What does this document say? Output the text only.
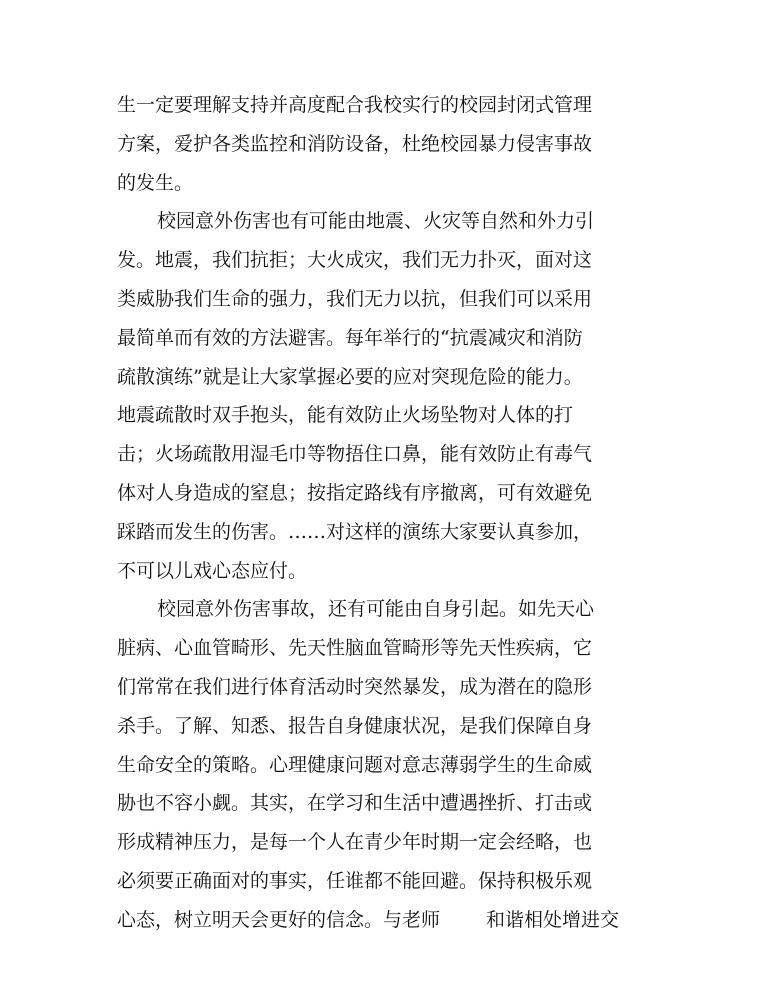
生一定要理解支持并高度配合我校实行的校园封闭式管理
方案，爱护各类监控和消防设备，杜绝校园暴力侵害事故
的发生。
校园意外伤害也有可能由地震、火灾等自然和外力引
发。地震，我们抗拒；大火成灾，我们无力扑灭，面对这
类威胁我们生命的强力，我们无力以抗，但我们可以采用
最简单而有效的方法避害。每年举行的“抗震减灾和消防
疏散演练”就是让大家掌握必要的应对突现危险的能力。
地震疏散时双手抱头，能有效防止火场坠物对人体的打
击；火场疏散用湿毛巾等物捂住口鼻，能有效防止有毒气
体对人身造成的窒息；按指定路线有序撤离，可有效避免
踩踏而发生的伤害。……对这样的演练大家要认真参加，
不可以儿戏心态应付。
校园意外伤害事故，还有可能由自身引起。如先天心
脏病、心血管畸形、先天性脑血管畸形等先天性疾病，它
们常常在我们进行体育活动时突然暴发，成为潜在的隐形
杀手。了解、知悉、报告自身健康状况，是我们保障自身
生命安全的策略。心理健康问题对意志薄弱学生的生命威
胁也不容小觑。其实，在学习和生活中遭遇挫折、打击或
形成精神压力，是每一个人在青少年时期一定会经略，也
必须要正确面对的事实，任谁都不能回避。保持积极乐观
心态，树立明天会更好的信念。与老师 和谐相处增进交
